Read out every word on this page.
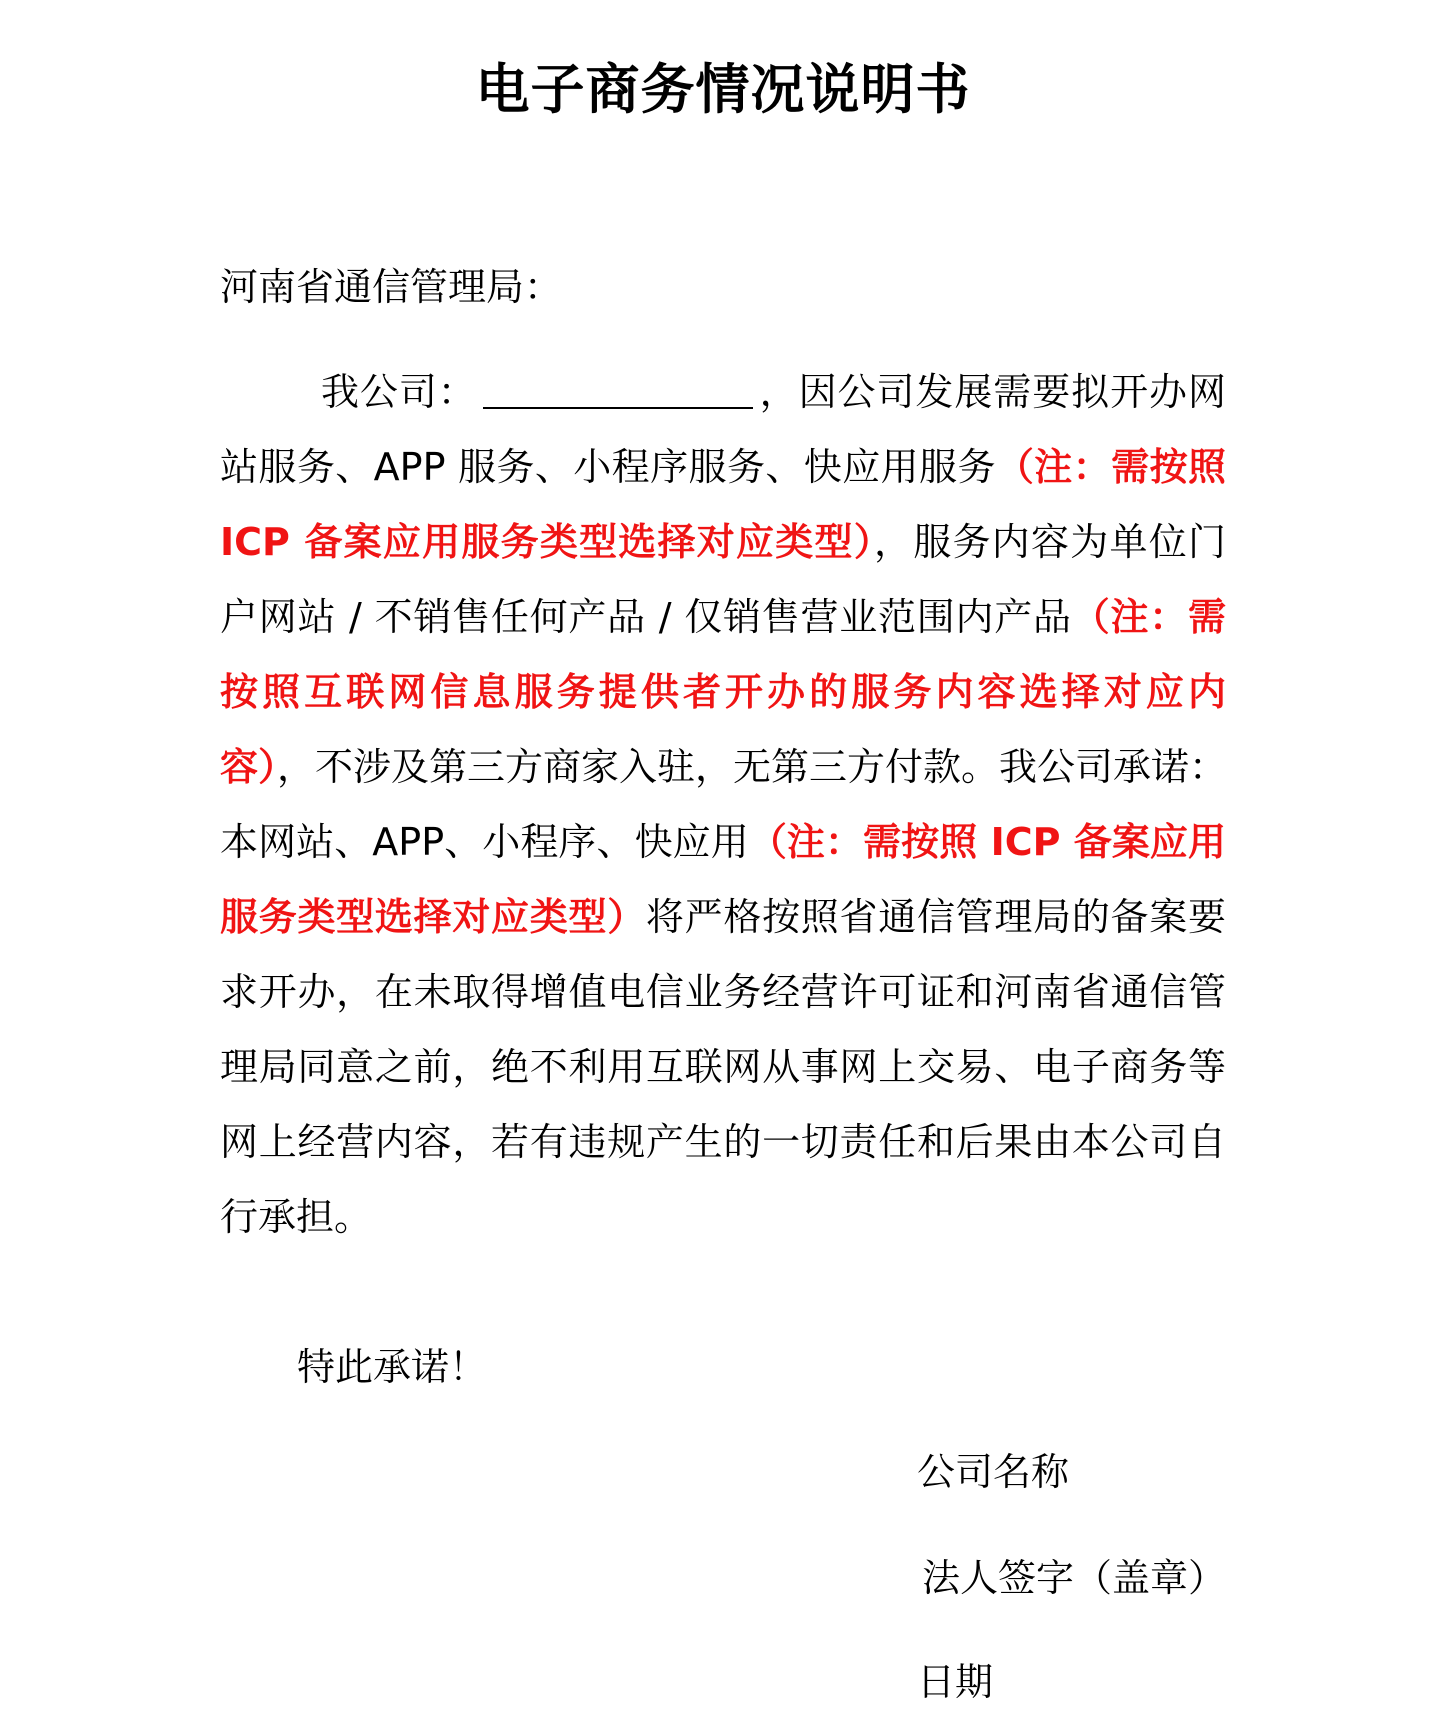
电子商务情况说明书
河南省通信管理局：
我公司：	，因公司发展需要拟开办网
站服务、APP 服务、小程序服务、快应用服务（注：需按照
ICP 备案应用服务类型选择对应类型），服务内容为单位门
户网站 / 不销售任何产品 / 仅销售营业范围内产品（注：需
按照互联网信息服务提供者开办的服务内容选择对应内
容），不涉及第三方商家入驻，无第三方付款。我公司承诺：
本网站、APP、小程序、快应用（注：需按照 ICP 备案应用
服务类型选择对应类型）将严格按照省通信管理局的备案要
求开办，在未取得增值电信业务经营许可证和河南省通信管
理局同意之前，绝不利用互联网从事网上交易、电子商务等
网上经营内容，若有违规产生的一切责任和后果由本公司自
行承担。
特此承诺！
公司名称
法人签字（盖章）
日期
